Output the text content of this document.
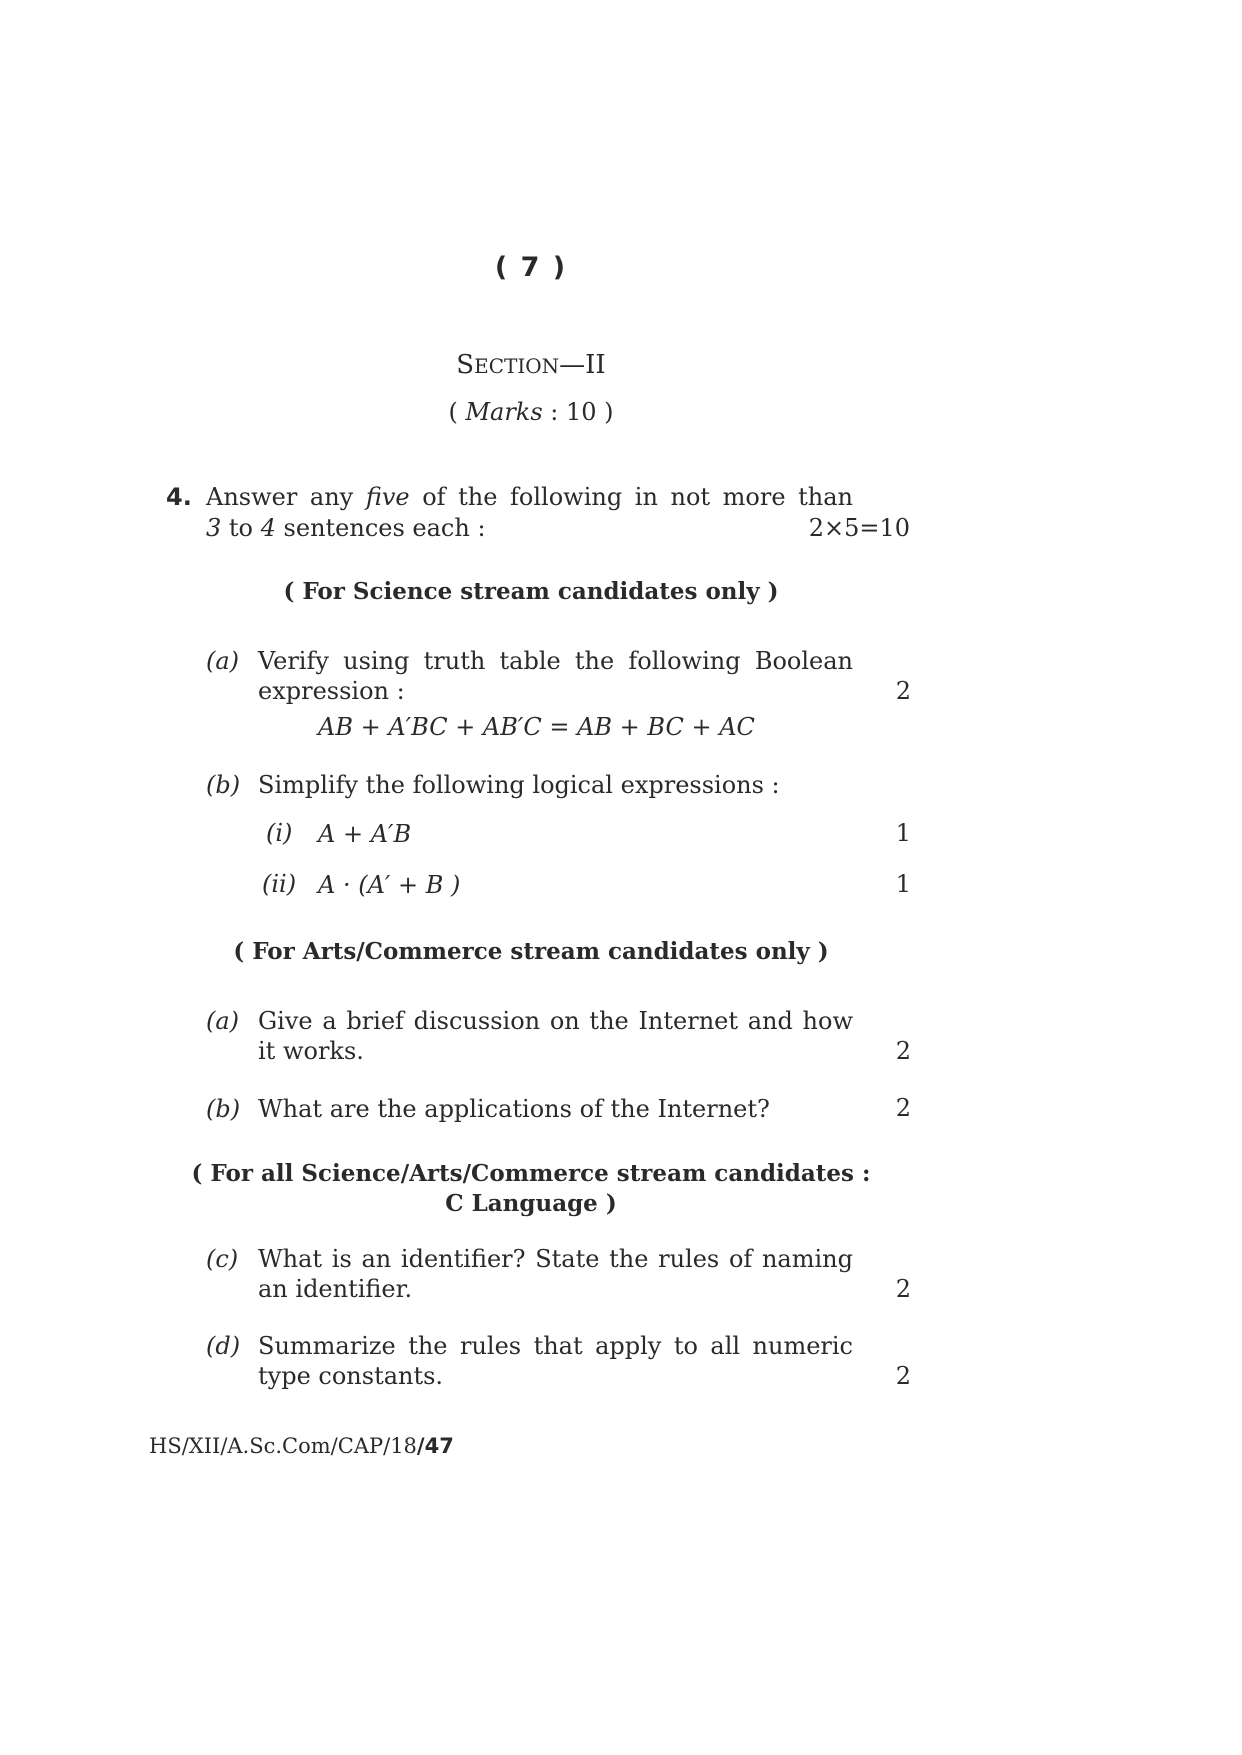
( 7 )
SECTION—II
( Marks : 10 )
4. Answer any five of the following in not more than
3 to 4 sentences each :	2×5=10
( For Science stream candidates only )
(a) Verify using truth table the following Boolean
expression :	2
AB + A′BC + AB′C = AB + BC + AC
(b) Simplify the following logical expressions :
(i) A + A′B	1
(ii) A · (A′ + B )	1
( For Arts/Commerce stream candidates only )
(a) Give a brief discussion on the Internet and how
it works.	2
(b) What are the applications of the Internet?	2
( For all Science/Arts/Commerce stream candidates :
C Language )
(c) What is an identifier? State the rules of naming
an identifier.	2
(d) Summarize the rules that apply to all numeric
type constants.	2
HS/XII/A.Sc.Com/CAP/18/47
